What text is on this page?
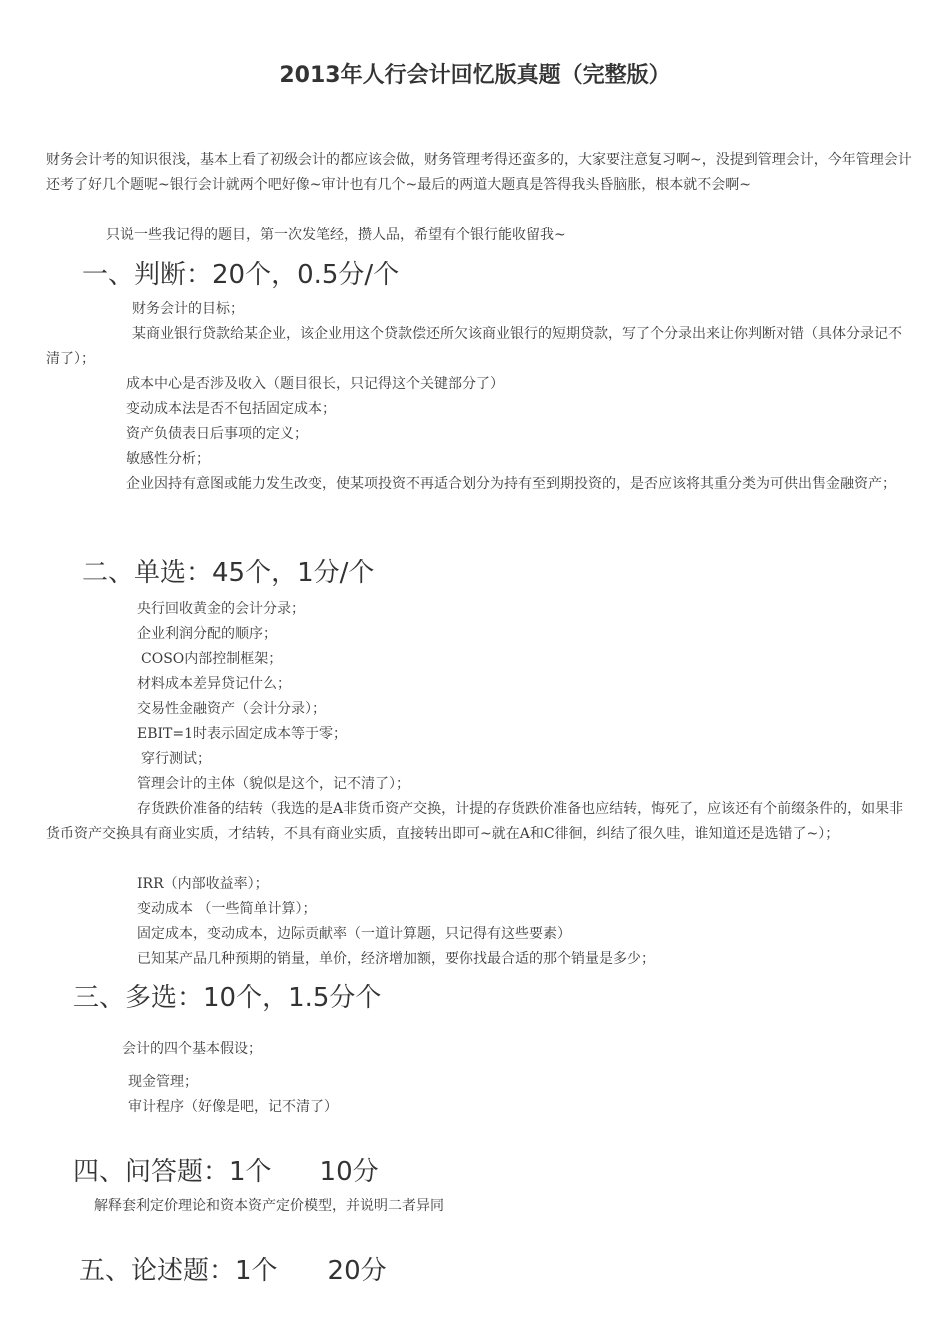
2013年人行会计回忆版真题（完整版）
财务会计考的知识很浅，基本上看了初级会计的都应该会做，财务管理考得还蛮多的，大家要注意复习啊~，没提到管理会计，今年管理会计还考了好几个题呢~银行会计就两个吧好像~审计也有几个~最后的两道大题真是答得我头昏脑胀，根本就不会啊~
只说一些我记得的题目，第一次发笔经，攒人品，希望有个银行能收留我~
一、判断：20个，0.5分/个
财务会计的目标；
某商业银行贷款给某企业，该企业用这个贷款偿还所欠该商业银行的短期贷款，写了个分录出来让你判断对错（具体分录记不清了）；
成本中心是否涉及收入（题目很长，只记得这个关键部分了）
变动成本法是否不包括固定成本；
资产负债表日后事项的定义；
敏感性分析；
企业因持有意图或能力发生改变，使某项投资不再适合划分为持有至到期投资的，是否应该将其重分类为可供出售金融资产；
二、单选：45个，1分/个
央行回收黄金的会计分录；
企业利润分配的顺序；
COSO内部控制框架；
材料成本差异贷记什么；
交易性金融资产（会计分录）；
EBIT=1时表示固定成本等于零；
穿行测试；
管理会计的主体（貌似是这个，记不清了）；
存货跌价准备的结转（我选的是A非货币资产交换，计提的存货跌价准备也应结转，悔死了，应该还有个前缀条件的，如果非货币资产交换具有商业实质，才结转，不具有商业实质，直接转出即可~就在A和C徘徊，纠结了很久哇，谁知道还是选错了~）；
IRR（内部收益率）；
变动成本 （一些简单计算）；
固定成本，变动成本，边际贡献率（一道计算题，只记得有这些要素）
已知某产品几种预期的销量，单价，经济增加额，要你找最合适的那个销量是多少；
三、多选：10个，1.5分个
会计的四个基本假设；
现金管理；
审计程序（好像是吧，记不清了）
四、问答题：1个 10分
解释套利定价理论和资本资产定价模型，并说明二者异同
五、论述题：1个 20分
